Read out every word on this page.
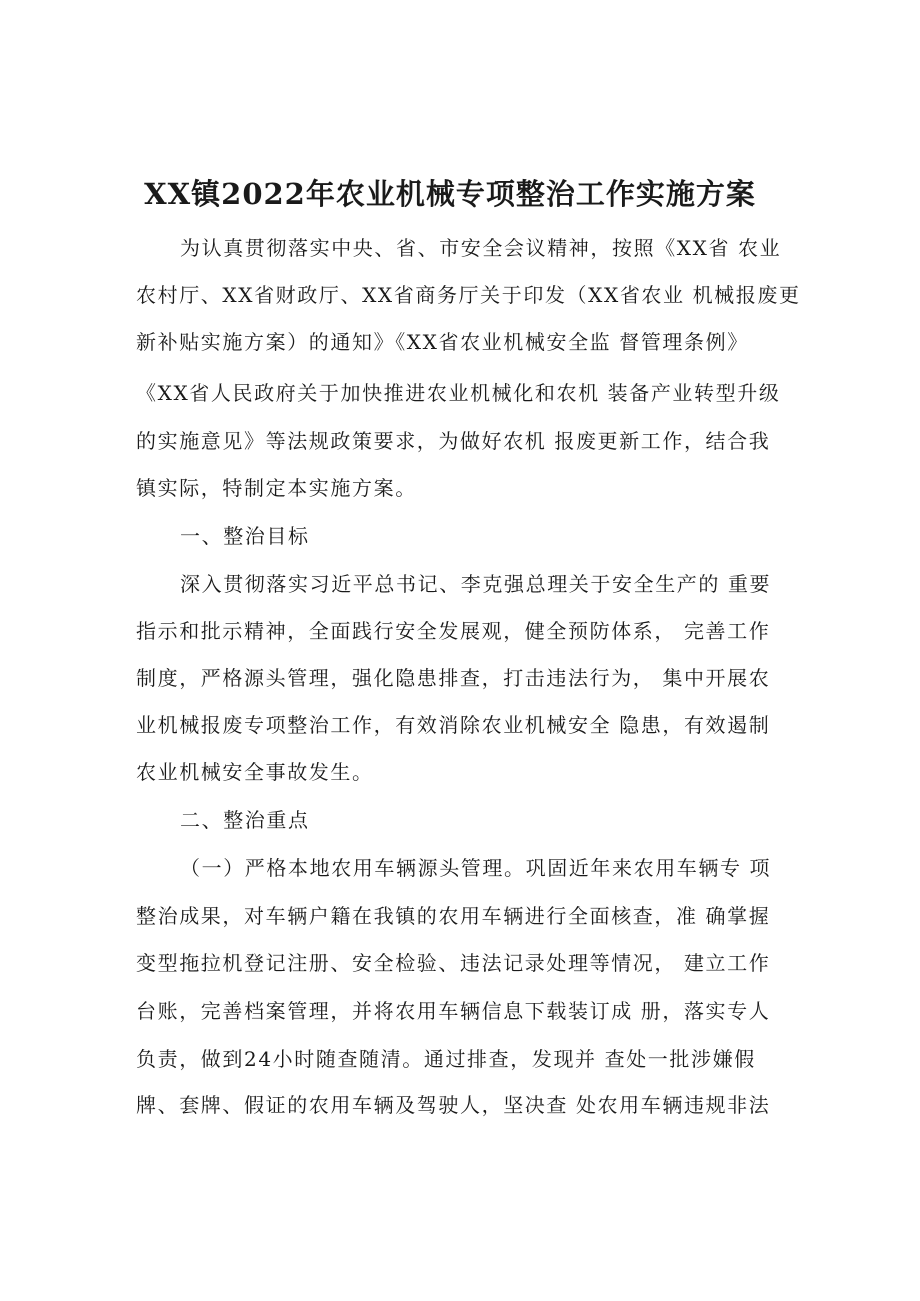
XX镇2022年农业机械专项整治工作实施方案
为认真贯彻落实中央、省、市安全会议精神，按照《XX省 农业
农村厅、XX省财政厅、XX省商务厅关于印发（XX省农业 机械报废更
新补贴实施方案）的通知》《XX省农业机械安全监 督管理条例》
《XX省人民政府关于加快推进农业机械化和农机 装备产业转型升级
的实施意见》等法规政策要求，为做好农机 报废更新工作，结合我
镇实际，特制定本实施方案。
一、整治目标
深入贯彻落实习近平总书记、李克强总理关于安全生产的 重要
指示和批示精神，全面践行安全发展观，健全预防体系， 完善工作
制度，严格源头管理，强化隐患排查，打击违法行为， 集中开展农
业机械报废专项整治工作，有效消除农业机械安全 隐患，有效遏制
农业机械安全事故发生。
二、整治重点
（一）严格本地农用车辆源头管理。巩固近年来农用车辆专 项
整治成果，对车辆户籍在我镇的农用车辆进行全面核查，准 确掌握
变型拖拉机登记注册、安全检验、违法记录处理等情况， 建立工作
台账，完善档案管理，并将农用车辆信息下载装订成 册，落实专人
负责，做到24小时随查随清。通过排查，发现并 查处一批涉嫌假
牌、套牌、假证的农用车辆及驾驶人，坚决查 处农用车辆违规非法
